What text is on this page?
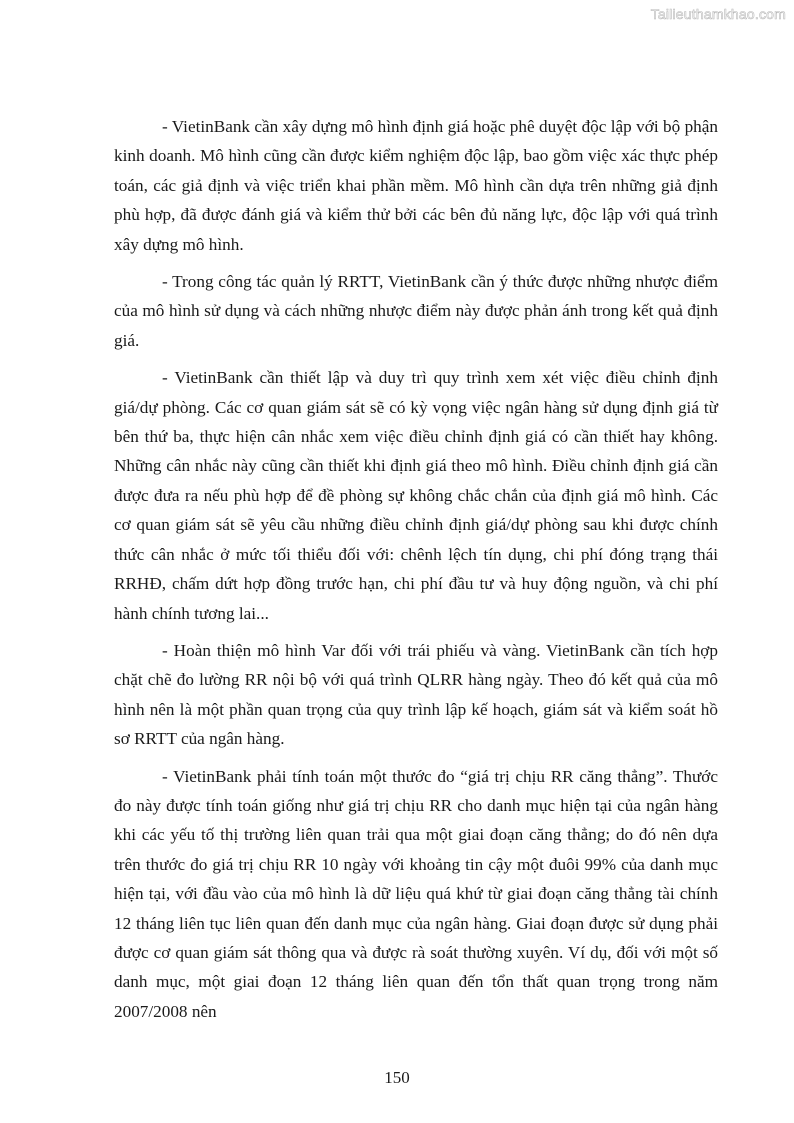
Tailieuthamkhao.com

- VietinBank cần xây dựng mô hình định giá hoặc phê duyệt độc lập với bộ phận kinh doanh. Mô hình cũng cần được kiểm nghiệm độc lập, bao gồm việc xác thực phép toán, các giả định và việc triển khai phần mềm. Mô hình cần dựa trên những giả định phù hợp, đã được đánh giá và kiểm thử bởi các bên đủ năng lực, độc lập với quá trình xây dựng mô hình.

- Trong công tác quản lý RRTT, VietinBank cần ý thức được những nhược điểm của mô hình sử dụng và cách những nhược điểm này được phản ánh trong kết quả định giá.

- VietinBank cần thiết lập và duy trì quy trình xem xét việc điều chỉnh định giá/dự phòng. Các cơ quan giám sát sẽ có kỳ vọng việc ngân hàng sử dụng định giá từ bên thứ ba, thực hiện cân nhắc xem việc điều chỉnh định giá có cần thiết hay không. Những cân nhắc này cũng cần thiết khi định giá theo mô hình. Điều chỉnh định giá cần được đưa ra nếu phù hợp để đề phòng sự không chắc chắn của định giá mô hình. Các cơ quan giám sát sẽ yêu cầu những điều chỉnh định giá/dự phòng sau khi được chính thức cân nhắc ở mức tối thiểu đối với: chênh lệch tín dụng, chi phí đóng trạng thái RRHĐ, chấm dứt hợp đồng trước hạn, chi phí đầu tư và huy động nguồn, và chi phí hành chính tương lai...

- Hoàn thiện mô hình Var đối với trái phiếu và vàng. VietinBank cần tích hợp chặt chẽ đo lường RR nội bộ với quá trình QLRR hàng ngày. Theo đó kết quả của mô hình nên là một phần quan trọng của quy trình lập kế hoạch, giám sát và kiểm soát hồ sơ RRTT của ngân hàng.

- VietinBank phải tính toán một thước đo “giá trị chịu RR căng thẳng”. Thước đo này được tính toán giống như giá trị chịu RR cho danh mục hiện tại của ngân hàng khi các yếu tố thị trường liên quan trải qua một giai đoạn căng thẳng; do đó nên dựa trên thước đo giá trị chịu RR 10 ngày với khoảng tin cậy một đuôi 99% của danh mục hiện tại, với đầu vào của mô hình là dữ liệu quá khứ từ giai đoạn căng thẳng tài chính 12 tháng liên tục liên quan đến danh mục của ngân hàng. Giai đoạn được sử dụng phải được cơ quan giám sát thông qua và được rà soát thường xuyên. Ví dụ, đối với một số danh mục, một giai đoạn 12 tháng liên quan đến tổn thất quan trọng trong năm 2007/2008 nên

150
